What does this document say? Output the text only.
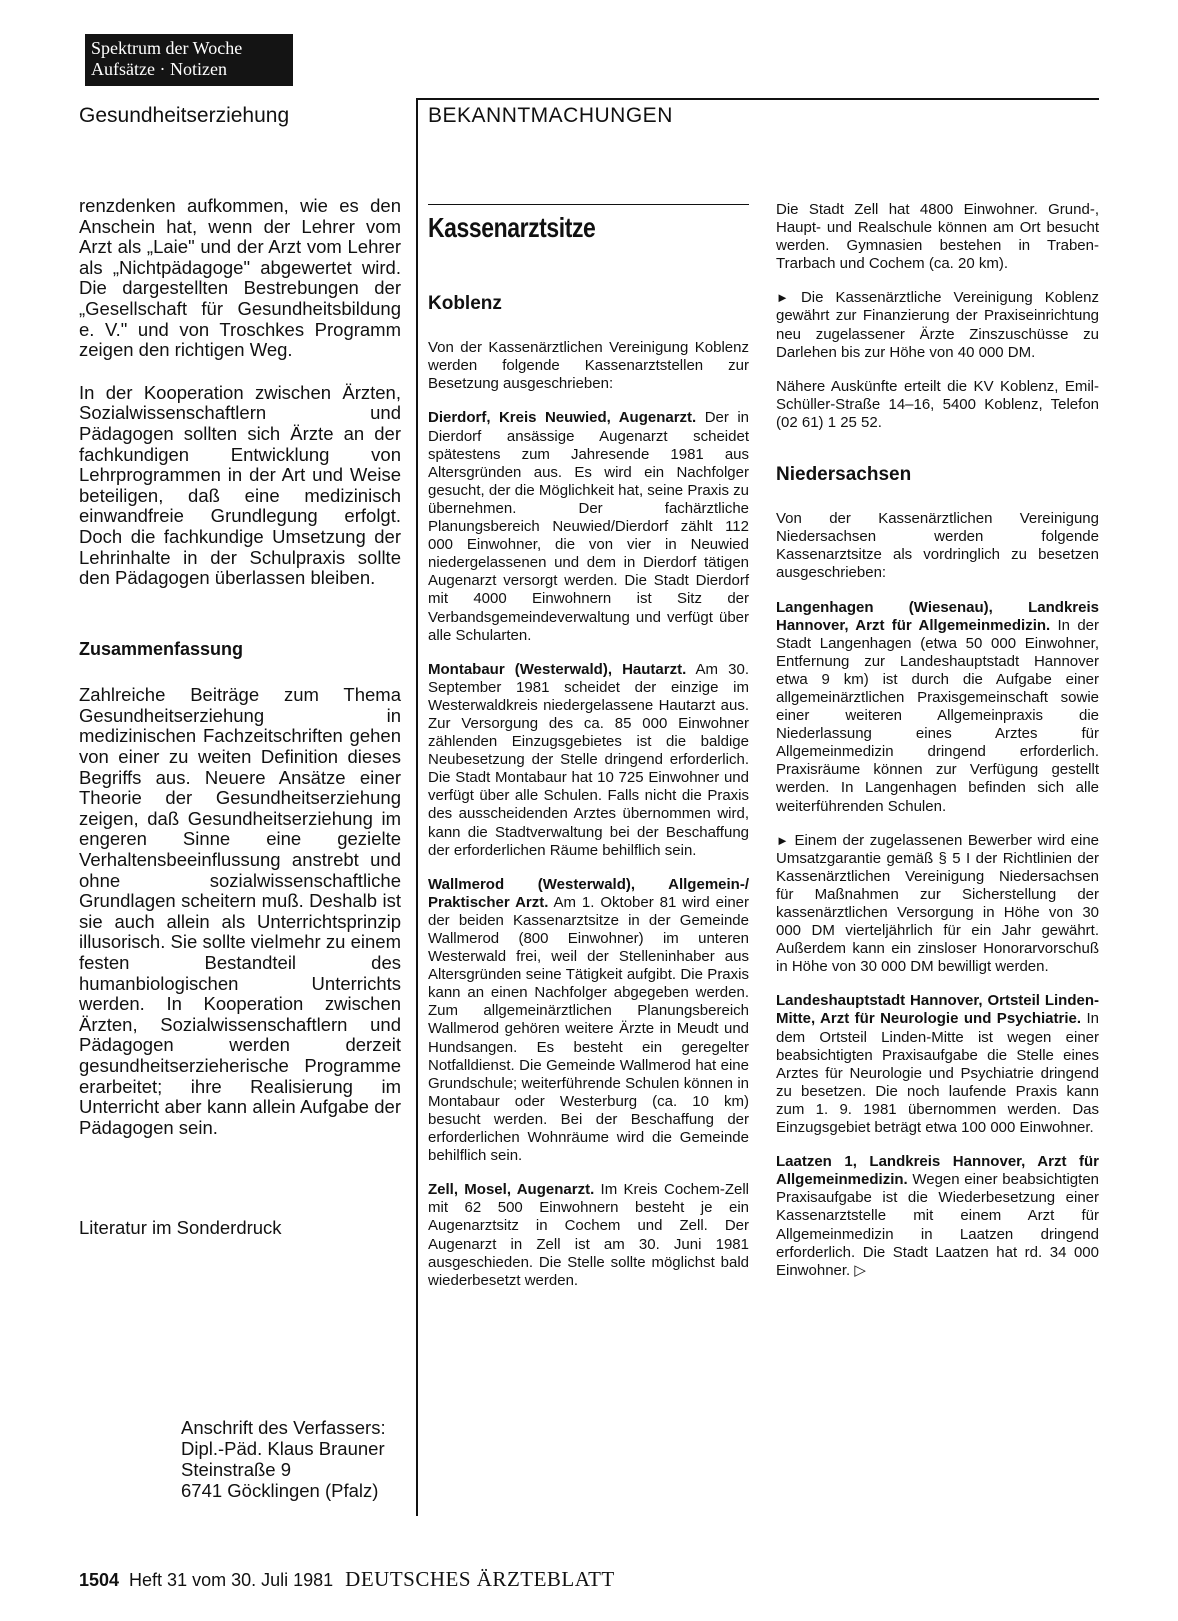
Spektrum der Woche
Aufsätze · Notizen
Gesundheitserziehung	BEKANNTMACHUNGEN

renzdenken aufkommen, wie es den Anschein hat, wenn der Lehrer vom Arzt als „Laie" und der Arzt vom Lehrer als „Nichtpädagoge" abgewertet wird. Die dargestellten Bestrebungen der „Gesellschaft für Gesundheitsbildung e. V." und von Troschkes Programm zeigen den richtigen Weg.

In der Kooperation zwischen Ärzten, Sozialwissenschaftlern und Pädagogen sollten sich Ärzte an der fachkundigen Entwicklung von Lehrprogrammen in der Art und Weise beteiligen, daß eine medizinisch einwandfreie Grundlegung erfolgt. Doch die fachkundige Umsetzung der Lehrinhalte in der Schulpraxis sollte den Pädagogen überlassen bleiben.

Zusammenfassung

Zahlreiche Beiträge zum Thema Gesundheitserziehung in medizinischen Fachzeitschriften gehen von einer zu weiten Definition dieses Begriffs aus. Neuere Ansätze einer Theorie der Gesundheitserziehung zeigen, daß Gesundheitserziehung im engeren Sinne eine gezielte Verhaltensbeeinflussung anstrebt und ohne sozialwissenschaftliche Grundlagen scheitern muß. Deshalb ist sie auch allein als Unterrichtsprinzip illusorisch. Sie sollte vielmehr zu einem festen Bestandteil des humanbiologischen Unterrichts werden. In Kooperation zwischen Ärzten, Sozialwissenschaftlern und Pädagogen werden derzeit gesundheitserzieherische Programme erarbeitet; ihre Realisierung im Unterricht aber kann allein Aufgabe der Pädagogen sein.

Literatur im Sonderdruck

Anschrift des Verfassers:
Dipl.-Päd. Klaus Brauner
Steinstraße 9
6741 Göcklingen (Pfalz)
Kassenarztsitze
Koblenz

Von der Kassenärztlichen Vereinigung Koblenz werden folgende Kassenarztstellen zur Besetzung ausgeschrieben:

Dierdorf, Kreis Neuwied, Augenarzt. Der in Dierdorf ansässige Augenarzt scheidet spätestens zum Jahresende 1981 aus Altersgründen aus. Es wird ein Nachfolger gesucht, der die Möglichkeit hat, seine Praxis zu übernehmen. Der fachärztliche Planungsbereich Neuwied/Dierdorf zählt 112 000 Einwohner, die von vier in Neuwied niedergelassenen und dem in Dierdorf tätigen Augenarzt versorgt werden. Die Stadt Dierdorf mit 4000 Einwohnern ist Sitz der Verbandsgemeindeverwaltung und verfügt über alle Schularten.

Montabaur (Westerwald), Hautarzt. Am 30. September 1981 scheidet der einzige im Westerwaldkreis niedergelassene Hautarzt aus. Zur Versorgung des ca. 85 000 Einwohner zählenden Einzugsgebietes ist die baldige Neubesetzung der Stelle dringend erforderlich. Die Stadt Montabaur hat 10 725 Einwohner und verfügt über alle Schulen. Falls nicht die Praxis des ausscheidenden Arztes übernommen wird, kann die Stadtverwaltung bei der Beschaffung der erforderlichen Räume behilflich sein.

Wallmerod (Westerwald), Allgemein-/ Praktischer Arzt. Am 1. Oktober 81 wird einer der beiden Kassenarztsitze in der Gemeinde Wallmerod (800 Einwohner) im unteren Westerwald frei, weil der Stelleninhaber aus Altersgründen seine Tätigkeit aufgibt. Die Praxis kann an einen Nachfolger abgegeben werden. Zum allgemeinärztlichen Planungsbereich Wallmerod gehören weitere Ärzte in Meudt und Hundsangen. Es besteht ein geregelter Notfalldienst. Die Gemeinde Wallmerod hat eine Grundschule; weiterführende Schulen können in Montabaur oder Westerburg (ca. 10 km) besucht werden. Bei der Beschaffung der erforderlichen Wohnräume wird die Gemeinde behilflich sein.

Zell, Mosel, Augenarzt. Im Kreis Cochem-Zell mit 62 500 Einwohnern besteht je ein Augenarztsitz in Cochem und Zell. Der Augenarzt in Zell ist am 30. Juni 1981 ausgeschieden. Die Stelle sollte möglichst bald wiederbesetzt werden.

Die Stadt Zell hat 4800 Einwohner. Grund-, Haupt- und Realschule können am Ort besucht werden. Gymnasien bestehen in Traben-Trarbach und Cochem (ca. 20 km).

► Die Kassenärztliche Vereinigung Koblenz gewährt zur Finanzierung der Praxiseinrichtung neu zugelassener Ärzte Zinszuschüsse zu Darlehen bis zur Höhe von 40 000 DM.

Nähere Auskünfte erteilt die KV Koblenz, Emil-Schüller-Straße 14–16, 5400 Koblenz, Telefon (02 61) 1 25 52.

Niedersachsen

Von der Kassenärztlichen Vereinigung Niedersachsen werden folgende Kassenarztsitze als vordringlich zu besetzen ausgeschrieben:

Langenhagen (Wiesenau), Landkreis Hannover, Arzt für Allgemeinmedizin. In der Stadt Langenhagen (etwa 50 000 Einwohner, Entfernung zur Landeshauptstadt Hannover etwa 9 km) ist durch die Aufgabe einer allgemeinärztlichen Praxisgemeinschaft sowie einer weiteren Allgemeinpraxis die Niederlassung eines Arztes für Allgemeinmedizin dringend erforderlich. Praxisräume können zur Verfügung gestellt werden. In Langenhagen befinden sich alle weiterführenden Schulen.

► Einem der zugelassenen Bewerber wird eine Umsatzgarantie gemäß § 5 I der Richtlinien der Kassenärztlichen Vereinigung Niedersachsen für Maßnahmen zur Sicherstellung der kassenärztlichen Versorgung in Höhe von 30 000 DM vierteljährlich für ein Jahr gewährt. Außerdem kann ein zinsloser Honorarvorschuß in Höhe von 30 000 DM bewilligt werden.

Landeshauptstadt Hannover, Ortsteil Linden-Mitte, Arzt für Neurologie und Psychiatrie. In dem Ortsteil Linden-Mitte ist wegen einer beabsichtigten Praxisaufgabe die Stelle eines Arztes für Neurologie und Psychiatrie dringend zu besetzen. Die noch laufende Praxis kann zum 1. 9. 1981 übernommen werden. Das Einzugsgebiet beträgt etwa 100 000 Einwohner.

Laatzen 1, Landkreis Hannover, Arzt für Allgemeinmedizin. Wegen einer beabsichtigten Praxisaufgabe ist die Wiederbesetzung einer Kassenarztstelle mit einem Arzt für Allgemeinmedizin in Laatzen dringend erforderlich. Die Stadt Laatzen hat rd. 34 000 Einwohner. ▷

1504 Heft 31 vom 30. Juli 1981 DEUTSCHES ÄRZTEBLATT
